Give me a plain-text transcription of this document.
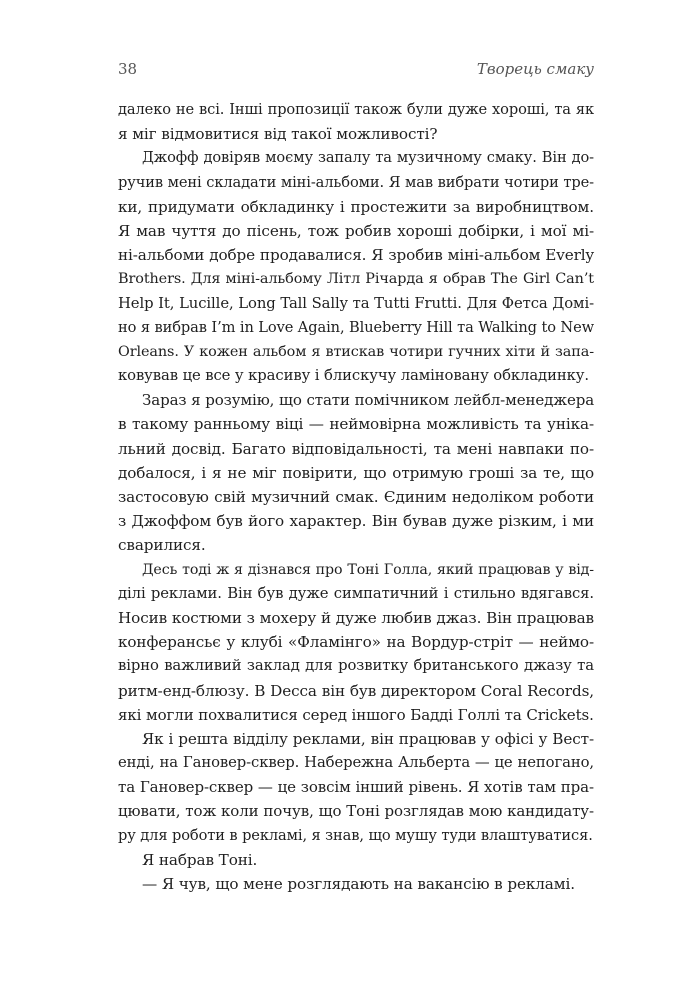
38	Творець смаку
далеко не всі. Інші пропозиції також були дуже хороші, та як
я міг відмовитися від такої можливості?
Джофф довіряв моєму запалу та музичному смаку. Він до-
ручив мені складати міні-альбоми. Я мав вибрати чотири тре-
ки, придумати обкладинку і простежити за виробництвом.
Я мав чуття до пісень, тож робив хороші добірки, і мої мі-
ні-альбоми добре продавалися. Я зробив міні-альбом Everly
Brothers. Для міні-альбому Літл Річарда я обрав The Girl Can’t
Help It, Lucille, Long Tall Sally та Tutti Frutti. Для Фетса Домі-
но я вибрав I’m in Love Again, Blueberry Hill та Walking to New
Orleans. У кожен альбом я втискав чотири гучних хіти й запа-
ковував це все у красиву і блискучу ламіновану обкладинку.
Зараз я розумію, що стати помічником лейбл-менеджера
в такому ранньому віці — неймовірна можливість та уніка-
льний досвід. Багато відповідальності, та мені навпаки по-
добалося, і я не міг повірити, що отримую гроші за те, що
застосовую свій музичний смак. Єдиним недоліком роботи
з Джоффом був його характер. Він бував дуже різким, і ми
сварилися.
Десь тоді ж я дізнався про Тоні Голла, який працював у від-
ділі реклами. Він був дуже симпатичний і стильно вдягався.
Носив костюми з мохеру й дуже любив джаз. Він працював
конферансьє у клубі «Фламінго» на Вордур-стріт — неймо-
вірно важливий заклад для розвитку британського джазу та
ритм-енд-блюзу. В Decca він був директором Coral Records,
які могли похвалитися серед іншого Бадді Голлі та Crickets.
Як і решта відділу реклами, він працював у офісі у Вест-
енді, на Гановер-сквер. Набережна Альберта — це непогано,
та Гановер-сквер — це зовсім інший рівень. Я хотів там пра-
цювати, тож коли почув, що Тоні розглядав мою кандидату-
ру для роботи в рекламі, я знав, що мушу туди влаштуватися.
Я набрав Тоні.
— Я чув, що мене розглядають на вакансію в рекламі.
